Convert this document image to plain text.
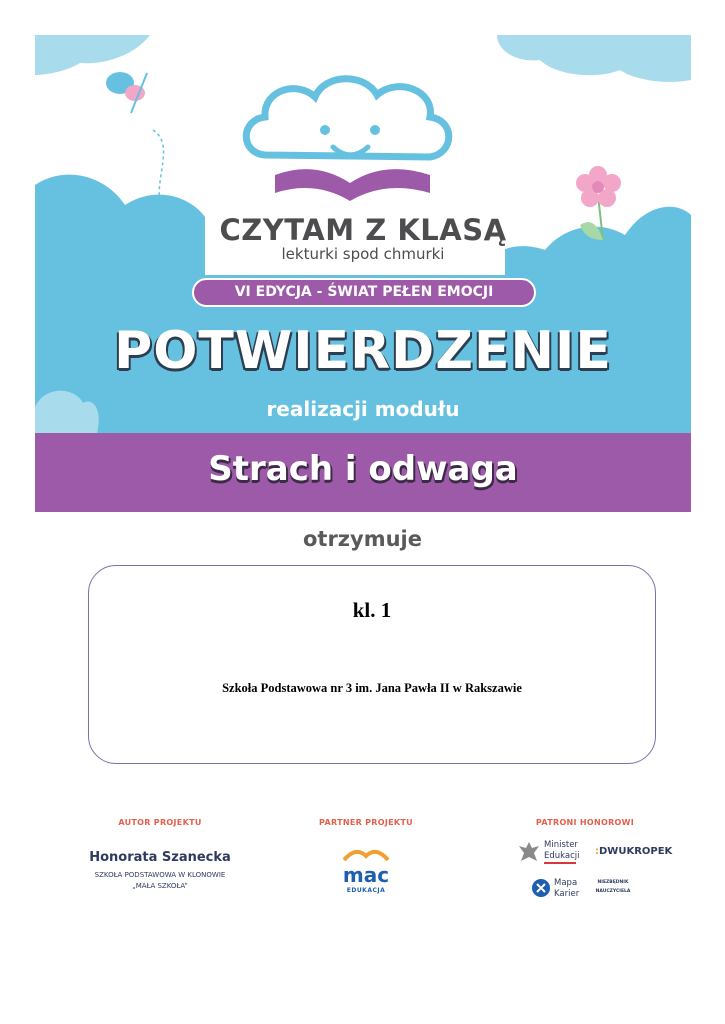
CZYTAM Z KLASĄ
lekturki spod chmurki
VI EDYCJA - ŚWIAT PEŁEN EMOCJI
POTWIERDZENIE
realizacji modułu
Strach i odwaga
otrzymuje
kl. 1
Szkoła Podstawowa nr 3 im. Jana Pawła II w Rakszawie
AUTOR PROJEKTU
Honorata Szanecka
SZKOŁA PODSTAWOWA W KLONOWIE
„MAŁA SZKOŁA”
PARTNER PROJEKTU
mac
EDUKACJA
PATRONI HONOROWI
Minister
Edukacji :DWUKROPEK
Mapa
Karier
NIEZBĘDNIK
NAUCZYCIELA
